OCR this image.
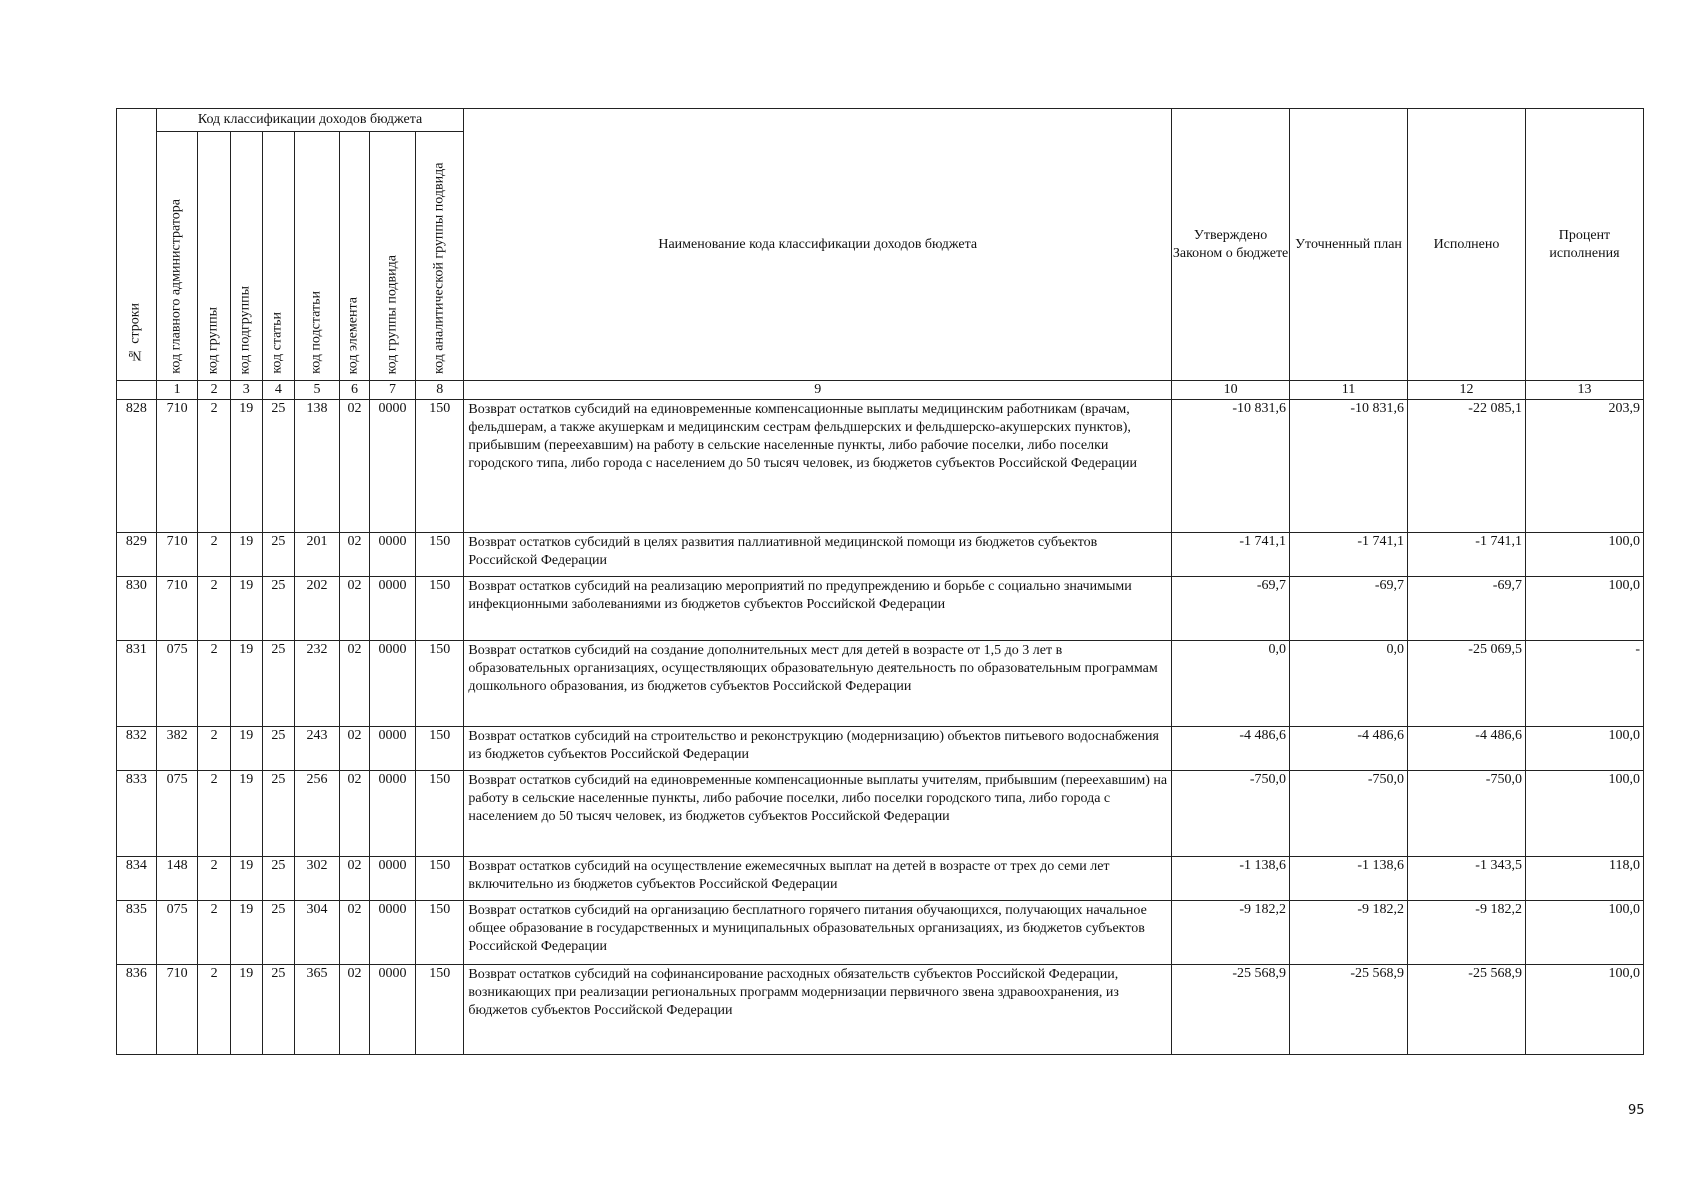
№ строки	Код классификации доходов бюджета								Наименование кода классификации доходов бюджета	Утверждено Законом о бюджете	Уточненный план	Исполнено	Процент исполнения

	код главного администратора	код группы	код подгруппы	код статьи	код подстатьи	код элемента	код группы подвида	код аналитической группы подвида					

	1	2	3	4	5	6	7	8	9	10	11	12	13
828	710	2	19	25	138	02	0000	150	Возврат остатков субсидий на единовременные компенсационные выплаты медицинским работникам (врачам, фельдшерам, а также акушеркам и медицинским сестрам фельдшерских и фельдшерско-акушерских пунктов), прибывшим (переехавшим) на работу в сельские населенные пункты, либо рабочие поселки, либо поселки городского типа, либо города с населением до 50 тысяч человек, из бюджетов субъектов Российской Федерации	-10 831,6	-10 831,6	-22 085,1	203,9
829	710	2	19	25	201	02	0000	150	Возврат остатков субсидий в целях развития паллиативной медицинской помощи из бюджетов субъектов Российской Федерации	-1 741,1	-1 741,1	-1 741,1	100,0
830	710	2	19	25	202	02	0000	150	Возврат остатков субсидий на реализацию мероприятий по предупреждению и борьбе с социально значимыми инфекционными заболеваниями из бюджетов субъектов Российской Федерации	-69,7	-69,7	-69,7	100,0
831	075	2	19	25	232	02	0000	150	Возврат остатков субсидий на создание дополнительных мест для детей в возрасте от 1,5 до 3 лет в образовательных организациях, осуществляющих образовательную деятельность по образовательным программам дошкольного образования, из бюджетов субъектов Российской Федерации	0,0	0,0	-25 069,5	-
832	382	2	19	25	243	02	0000	150	Возврат остатков субсидий на строительство и реконструкцию (модернизацию) объектов питьевого водоснабжения из бюджетов субъектов Российской Федерации	-4 486,6	-4 486,6	-4 486,6	100,0
833	075	2	19	25	256	02	0000	150	Возврат остатков субсидий на единовременные компенсационные выплаты учителям, прибывшим (переехавшим) на работу в сельские населенные пункты, либо рабочие поселки, либо поселки городского типа, либо города с населением до 50 тысяч человек, из бюджетов субъектов Российской Федерации	-750,0	-750,0	-750,0	100,0
834	148	2	19	25	302	02	0000	150	Возврат остатков субсидий на осуществление ежемесячных выплат на детей в возрасте от трех до семи лет включительно из бюджетов субъектов Российской Федерации	-1 138,6	-1 138,6	-1 343,5	118,0
835	075	2	19	25	304	02	0000	150	Возврат остатков субсидий на организацию бесплатного горячего питания обучающихся, получающих начальное общее образование в государственных и муниципальных образовательных организациях, из бюджетов субъектов Российской Федерации	-9 182,2	-9 182,2	-9 182,2	100,0
836	710	2	19	25	365	02	0000	150	Возврат остатков субсидий на софинансирование расходных обязательств субъектов Российской Федерации, возникающих при реализации региональных программ модернизации первичного звена здравоохранения, из бюджетов субъектов Российской Федерации	-25 568,9	-25 568,9	-25 568,9	100,0
95
